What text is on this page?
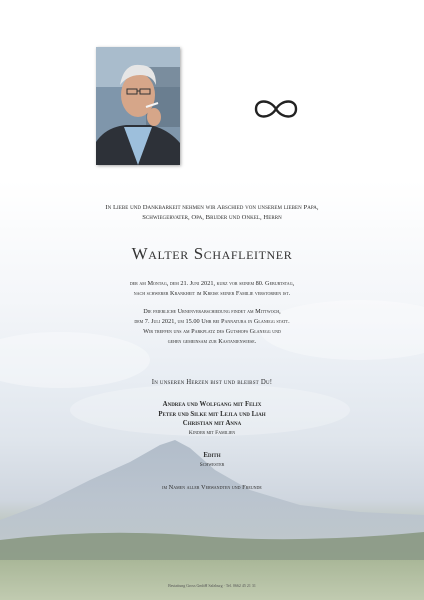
In Liebe und Dankbarkeit nehmen wir Abschied von unserem lieben Papa,
Schwiegervater, Opa, Bruder und Onkel, Herrn
Walter Schafleitner
der am Montag, dem 21. Juni 2021, kurz vor seinem 80. Geburtstag,
nach schwerer Krankheit im Kreise seiner Familie verstorben ist.
Die feierliche Urnenverabschiedung findet am Mittwoch,
dem 7. Juli 2021, um 15.00 Uhr bei Pannatura in Glanegg statt.
Wir treffen uns am Parkplatz des Gutshofs Glanegg und
gehen gemeinsam zur Kastanienwiese.
In unseren Herzen bist und bleibst Du!
Andrea und Wolfgang mit Felix
Peter und Silke mit Lejla und Liah
Christian mit Anna
Kinder mit Familien
Edith
Schwester
im Namen aller Verwandten und Freunde
Bestattung Gross GmbH Salzburg · Tel. 0662 45 21 31
